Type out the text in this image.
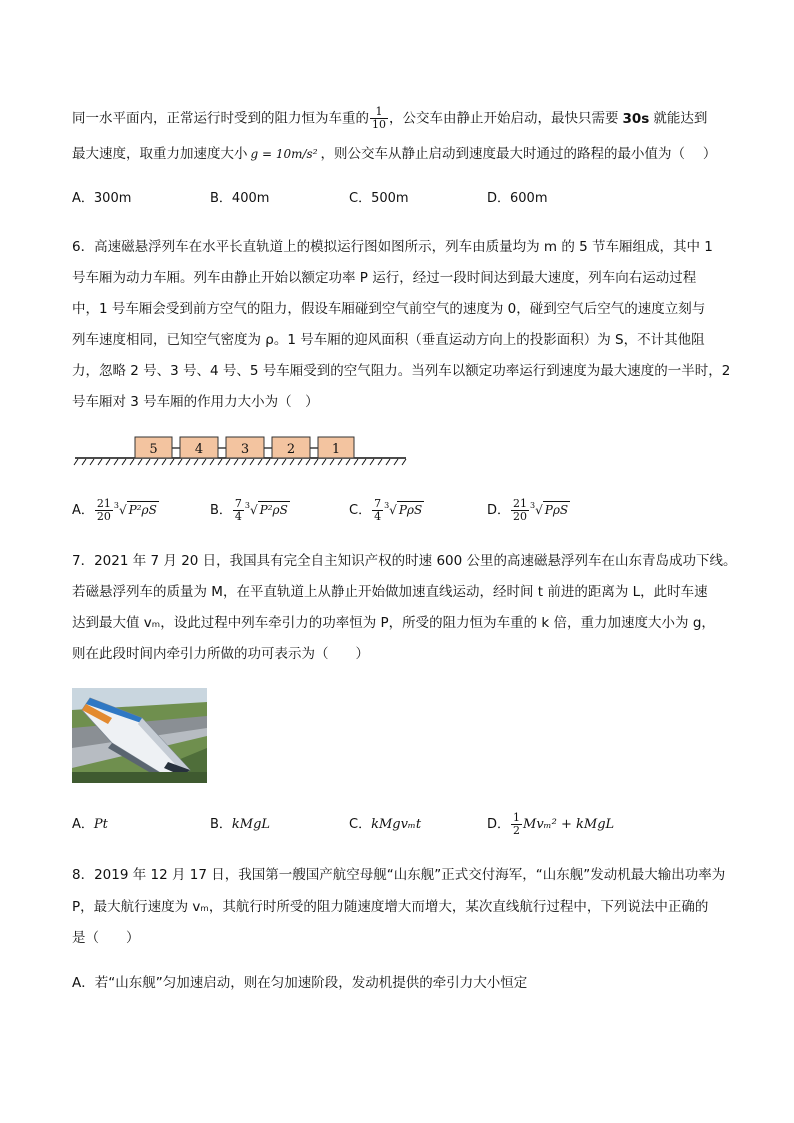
同一水平面内，正常运行时受到的阻力恒为车重的 $\frac{1}{10}$ ，公交车由静止开始启动，最快只需要 30s 就能达到
最大速度，取重力加速度大小 g = 10m/s² ，则公交车从静止启动到速度最大时通过的路程的最小值为（　 ）
A．300m	B．400m	C．500m	D．600m
6．高速磁悬浮列车在水平长直轨道上的模拟运行图如图所示，列车由质量均为 m 的 5 节车厢组成，其中 1
号车厢为动力车厢。列车由静止开始以额定功率 P 运行，经过一段时间达到最大速度，列车向右运动过程
中，1 号车厢会受到前方空气的阻力，假设车厢碰到空气前空气的速度为 0，碰到空气后空气的速度立刻与
列车速度相同，已知空气密度为 ρ。1 号车厢的迎风面积（垂直运动方向上的投影面积）为 S，不计其他阻
力，忽略 2 号、3 号、4 号、5 号车厢受到的空气阻力。当列车以额定功率运行到速度为最大速度的一半时，2
号车厢对 3 号车厢的作用力大小为（　）
5	4	3	2	1
A． $\frac{21}{20} ^3√$ P²ρS	B． $\frac{7}{4} ^3√$ P²ρS	C． $\frac{7}{4} ^3√$ PρS	D． $\frac{21}{20} ^3√$ PρS
7．2021 年 7 月 20 日，我国具有完全自主知识产权的时速 600 公里的高速磁悬浮列车在山东青岛成功下线。
若磁悬浮列车的质量为 M，在平直轨道上从静止开始做加速直线运动，经时间 t 前进的距离为 L，此时车速
达到最大值 vₘ，设此过程中列车牵引力的功率恒为 P，所受的阻力恒为车重的 k 倍，重力加速度大小为 g，
则在此段时间内牵引力所做的功可表示为（　　）
A．Pt	B．kMgL	C．kMgvₘt	D． $\frac{1}{2} Mv_m^2$ + kMgL
8．2019 年 12 月 17 日，我国第一艘国产航空母舰“山东舰”正式交付海军，“山东舰”发动机最大输出功率为
P，最大航行速度为 vₘ，其航行时所受的阻力随速度增大而增大，某次直线航行过程中，下列说法中正确的
是（　　）
A．若“山东舰”匀加速启动，则在匀加速阶段，发动机提供的牵引力大小恒定
